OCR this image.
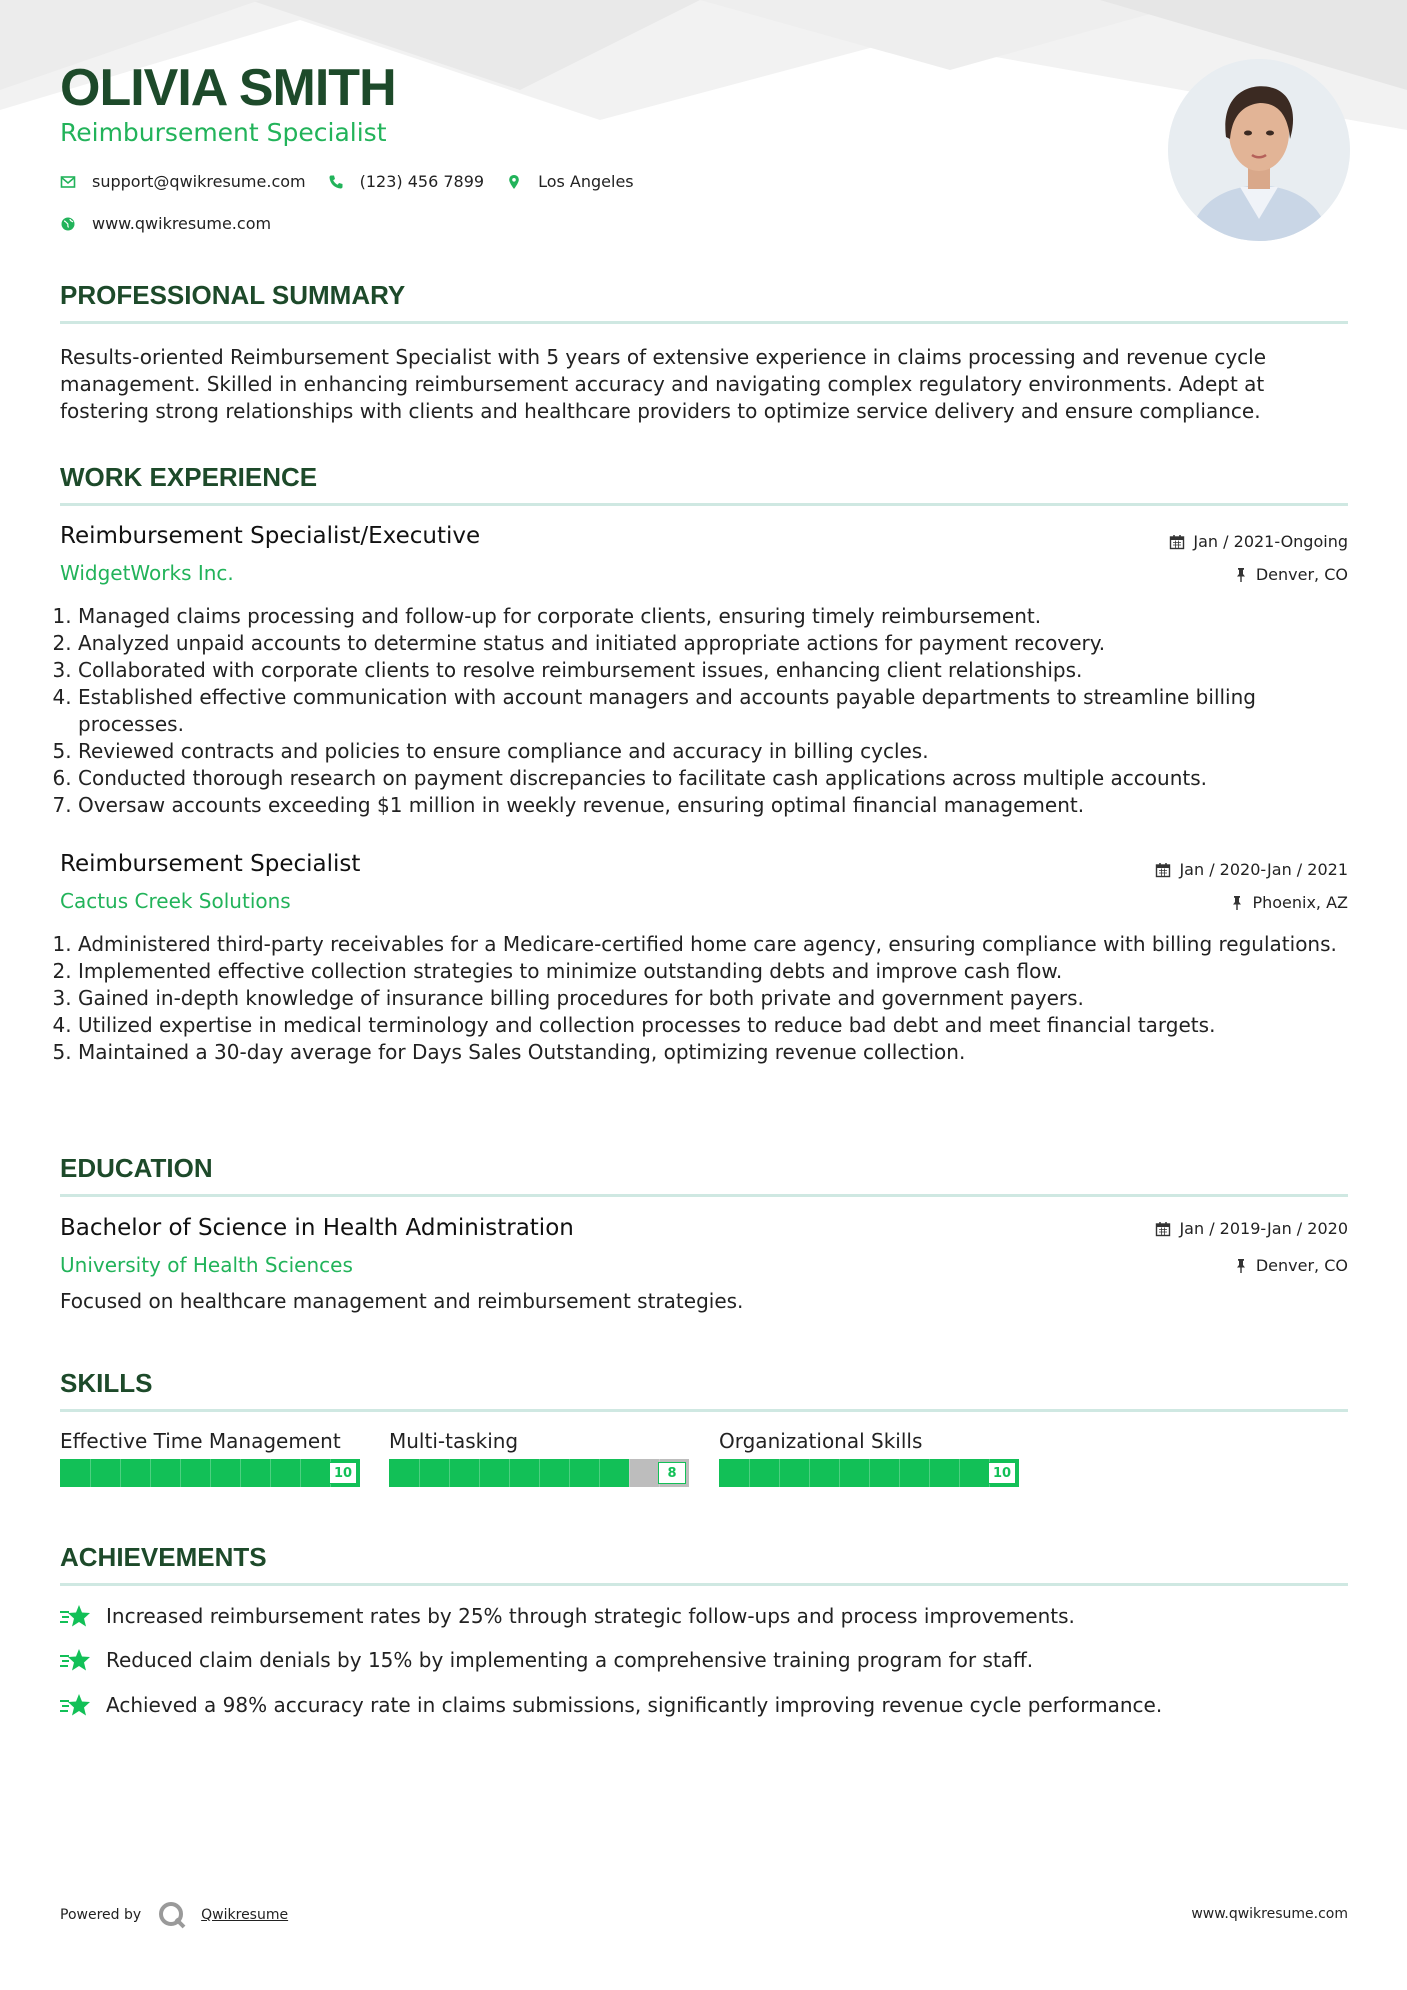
OLIVIA SMITH
Reimbursement Specialist
support@qwikresume.com	(123) 456 7899	Los Angeles
www.qwikresume.com
PROFESSIONAL SUMMARY

Results-oriented Reimbursement Specialist with 5 years of extensive experience in claims processing and revenue cycle management. Skilled in enhancing reimbursement accuracy and navigating complex regulatory environments. Adept at fostering strong relationships with clients and healthcare providers to optimize service delivery and ensure compliance.

WORK EXPERIENCE
Reimbursement Specialist/Executive	Jan / 2021-Ongoing
WidgetWorks Inc.	Denver, CO
1. Managed claims processing and follow-up for corporate clients, ensuring timely reimbursement.
2. Analyzed unpaid accounts to determine status and initiated appropriate actions for payment recovery.
3. Collaborated with corporate clients to resolve reimbursement issues, enhancing client relationships.
4. Established effective communication with account managers and accounts payable departments to streamline billing processes.
5. Reviewed contracts and policies to ensure compliance and accuracy in billing cycles.
6. Conducted thorough research on payment discrepancies to facilitate cash applications across multiple accounts.
7. Oversaw accounts exceeding $1 million in weekly revenue, ensuring optimal financial management.
Reimbursement Specialist	Jan / 2020-Jan / 2021
Cactus Creek Solutions	Phoenix, AZ
1. Administered third-party receivables for a Medicare-certified home care agency, ensuring compliance with billing regulations.
2. Implemented effective collection strategies to minimize outstanding debts and improve cash flow.
3. Gained in-depth knowledge of insurance billing procedures for both private and government payers.
4. Utilized expertise in medical terminology and collection processes to reduce bad debt and meet financial targets.
5. Maintained a 30-day average for Days Sales Outstanding, optimizing revenue collection.
EDUCATION
Bachelor of Science in Health Administration	Jan / 2019-Jan / 2020
University of Health Sciences	Denver, CO

Focused on healthcare management and reimbursement strategies.

SKILLS
Effective Time Management
10
Multi-tasking
8
Organizational Skills
10
ACHIEVEMENTS
Increased reimbursement rates by 25% through strategic follow-ups and process improvements.
Reduced claim denials by 15% by implementing a comprehensive training program for staff.
Achieved a 98% accuracy rate in claims submissions, significantly improving revenue cycle performance.
Powered by	Qwikresume	www.qwikresume.com
